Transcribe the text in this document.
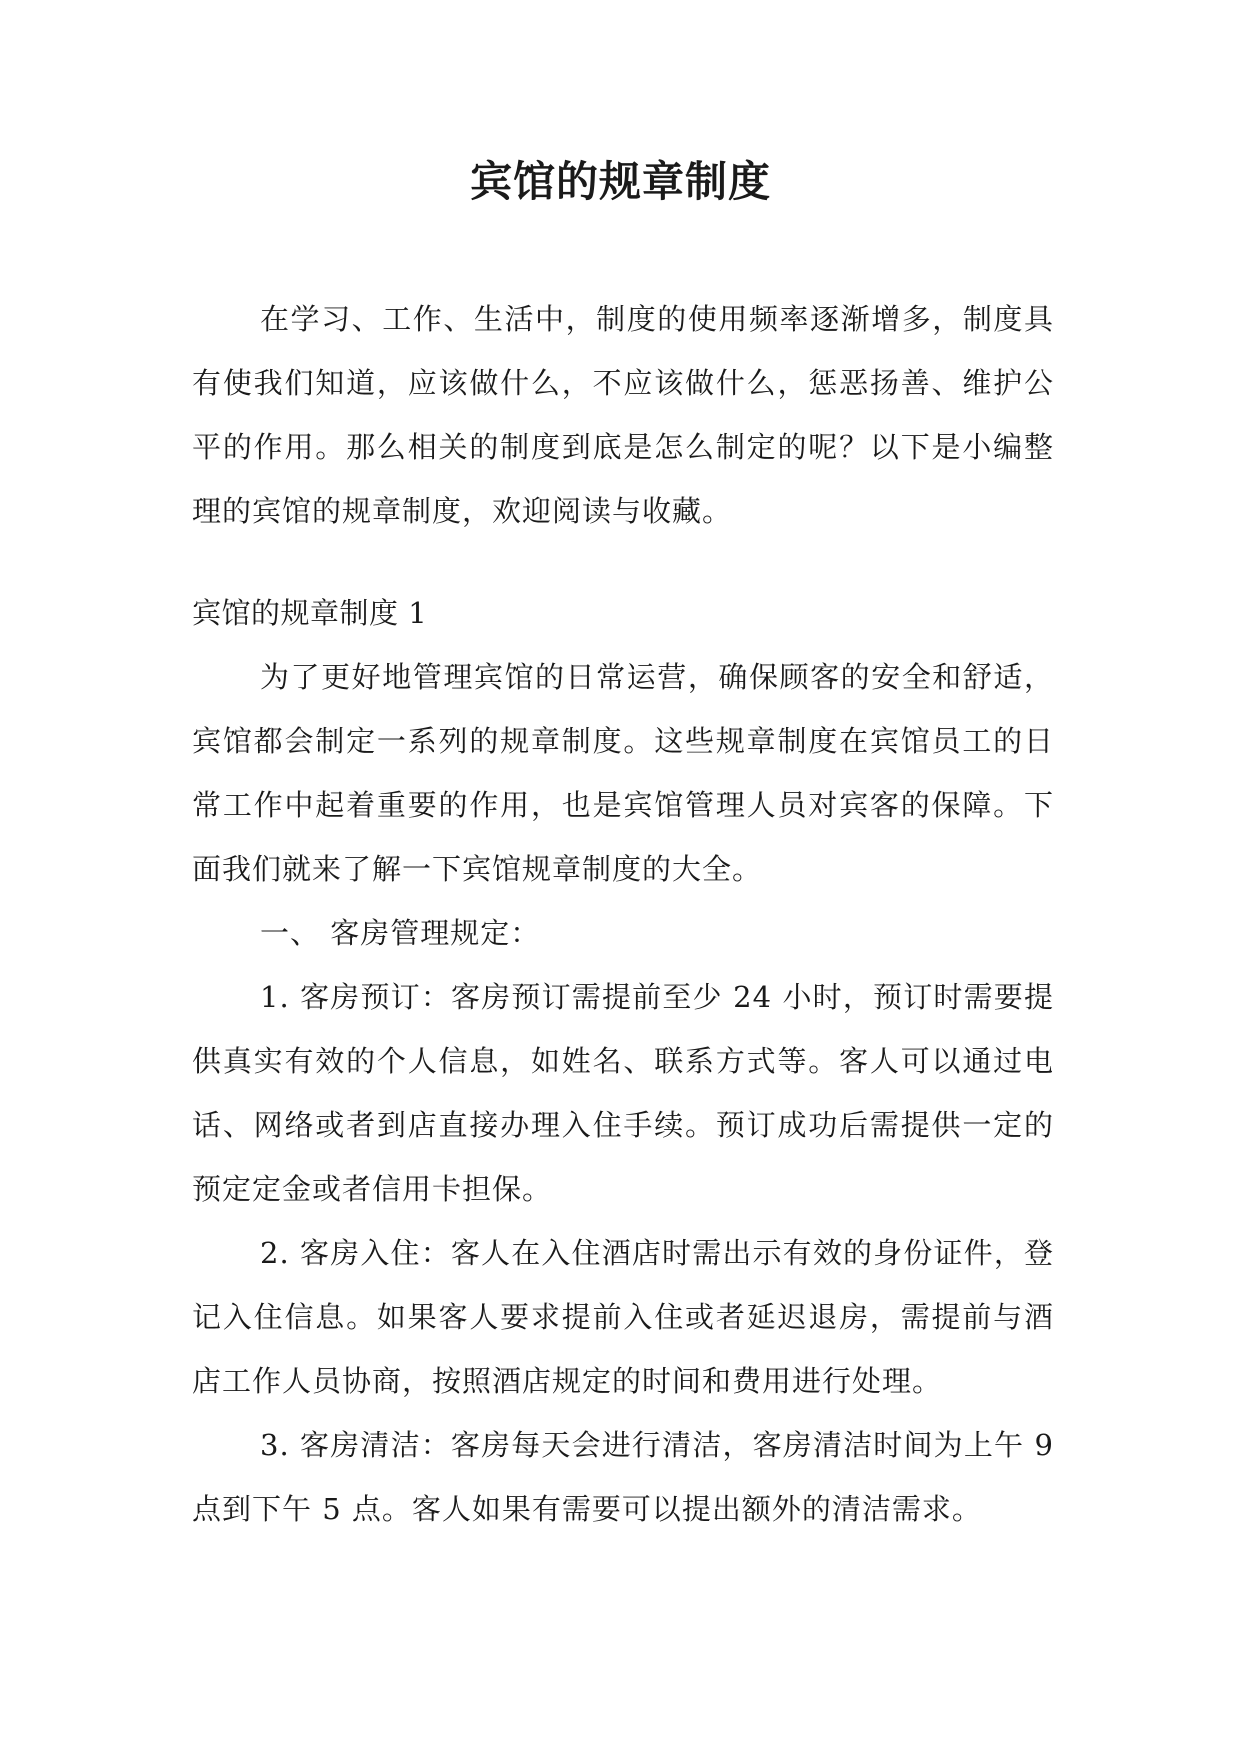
宾馆的规章制度

在学习、工作、生活中，制度的使用频率逐渐增多，制度具有使我们知道，应该做什么，不应该做什么，惩恶扬善、维护公平的作用。那么相关的制度到底是怎么制定的呢？以下是小编整理的宾馆的规章制度，欢迎阅读与收藏。

宾馆的规章制度 1

为了更好地管理宾馆的日常运营，确保顾客的安全和舒适，宾馆都会制定一系列的规章制度。这些规章制度在宾馆员工的日常工作中起着重要的作用，也是宾馆管理人员对宾客的保障。下面我们就来了解一下宾馆规章制度的大全。

一、 客房管理规定：

1. 客房预订：客房预订需提前至少 24 小时，预订时需要提供真实有效的个人信息，如姓名、联系方式等。客人可以通过电话、网络或者到店直接办理入住手续。预订成功后需提供一定的预定定金或者信用卡担保。

2. 客房入住：客人在入住酒店时需出示有效的身份证件，登记入住信息。如果客人要求提前入住或者延迟退房，需提前与酒店工作人员协商，按照酒店规定的时间和费用进行处理。

3. 客房清洁：客房每天会进行清洁，客房清洁时间为上午 9 点到下午 5 点。客人如果有需要可以提出额外的清洁需求。
